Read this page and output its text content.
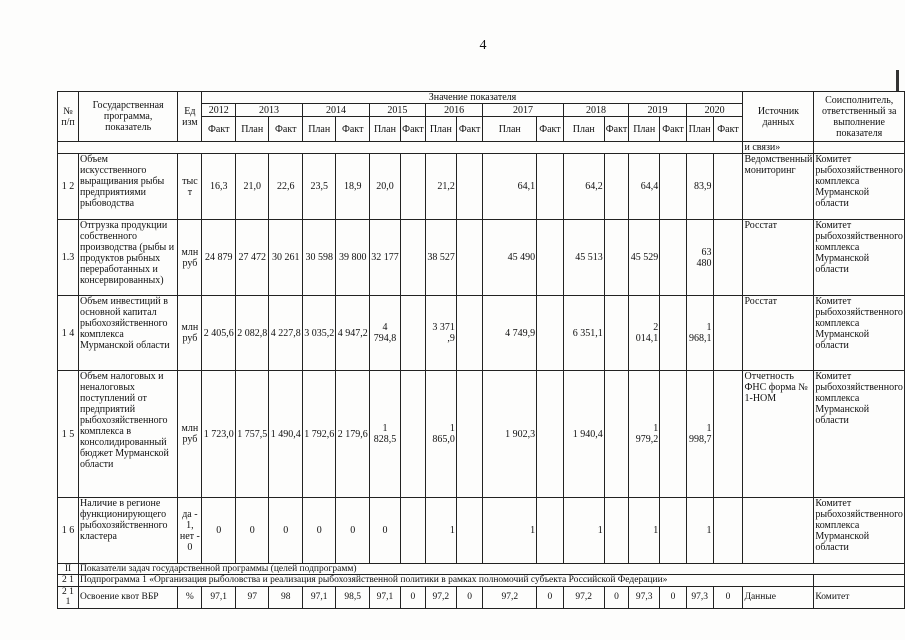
4
№ п/п	Государственная программа, показатель	Ед изм	Значение показателя																	Источник данных	Соисполнитель, ответственный за выполнение показателя
			2012	2013		2014		2015		2016		2017		2018		2019		2020			
			Факт	План	Факт	План	Факт	План	Факт	План	Факт	План	Факт	План	Факт	План	Факт	План	Факт		
																				и связи»	
1 2	Объем искусственного выращивания рыбы предприятиями рыбоводства	тыс т	16,3	21,0	22,6	23,5	18,9	20,0		21,2		64,1		64,2		64,4		83,9		Ведомственный мониторинг	Комитет рыбохозяйственного комплекса Мурманской области
1.3	Отгрузка продукции собственного производства (рыбы и продуктов рыбных переработанных и консервированных)	млн руб	24 879	27 472	30 261	30 598	39 800	32 177		38 527		45 490		45 513		45 529		63 480		Росстат	Комитет рыбохозяйственного комплекса Мурманской области
1 4	Объем инвестиций в основной капитал рыбохозяйственного комплекса Мурманской области	млн руб	2 405,6	2 082,8	4 227,8	3 035,2	4 947,2	4 794,8		3 371 ,9		4 749,9		6 351,1		2 014,1		1 968,1		Росстат	Комитет рыбохозяйственного комплекса Мурманской области
1 5	Объем налоговых и неналоговых поступлений от предприятий рыбохозяйственного комплекса в консолидированный бюджет Мурманской области	млн руб	1 723,0	1 757,5	1 490,4	1 792,6	2 179,6	1 828,5		1 865,0		1 902,3		1 940,4		1 979,2		1 998,7		Отчетность ФНС форма № 1-НОМ	Комитет рыбохозяйственного комплекса Мурманской области
1 6	Наличие в регионе функционирующего рыбохозяйственного кластера	да - 1, нет - 0	0	0	0	0	0	0		1		1		1		1		1			Комитет рыбохозяйственного комплекса Мурманской области
II	Показатели задач государственной программы (целей подпрограмм)																				
2 1	Подпрограмма 1 «Организация рыболовства и реализация рыбохозяйственной политики в рамках полномочий субъекта Российской Федерации»																				
2 1 1	Освоение квот ВБР	%	97,1	97	98	97,1	98,5	97,1	0	97,2	0	97,2	0	97,2	0	97,3	0	97,3	0	Данные	Комитет
